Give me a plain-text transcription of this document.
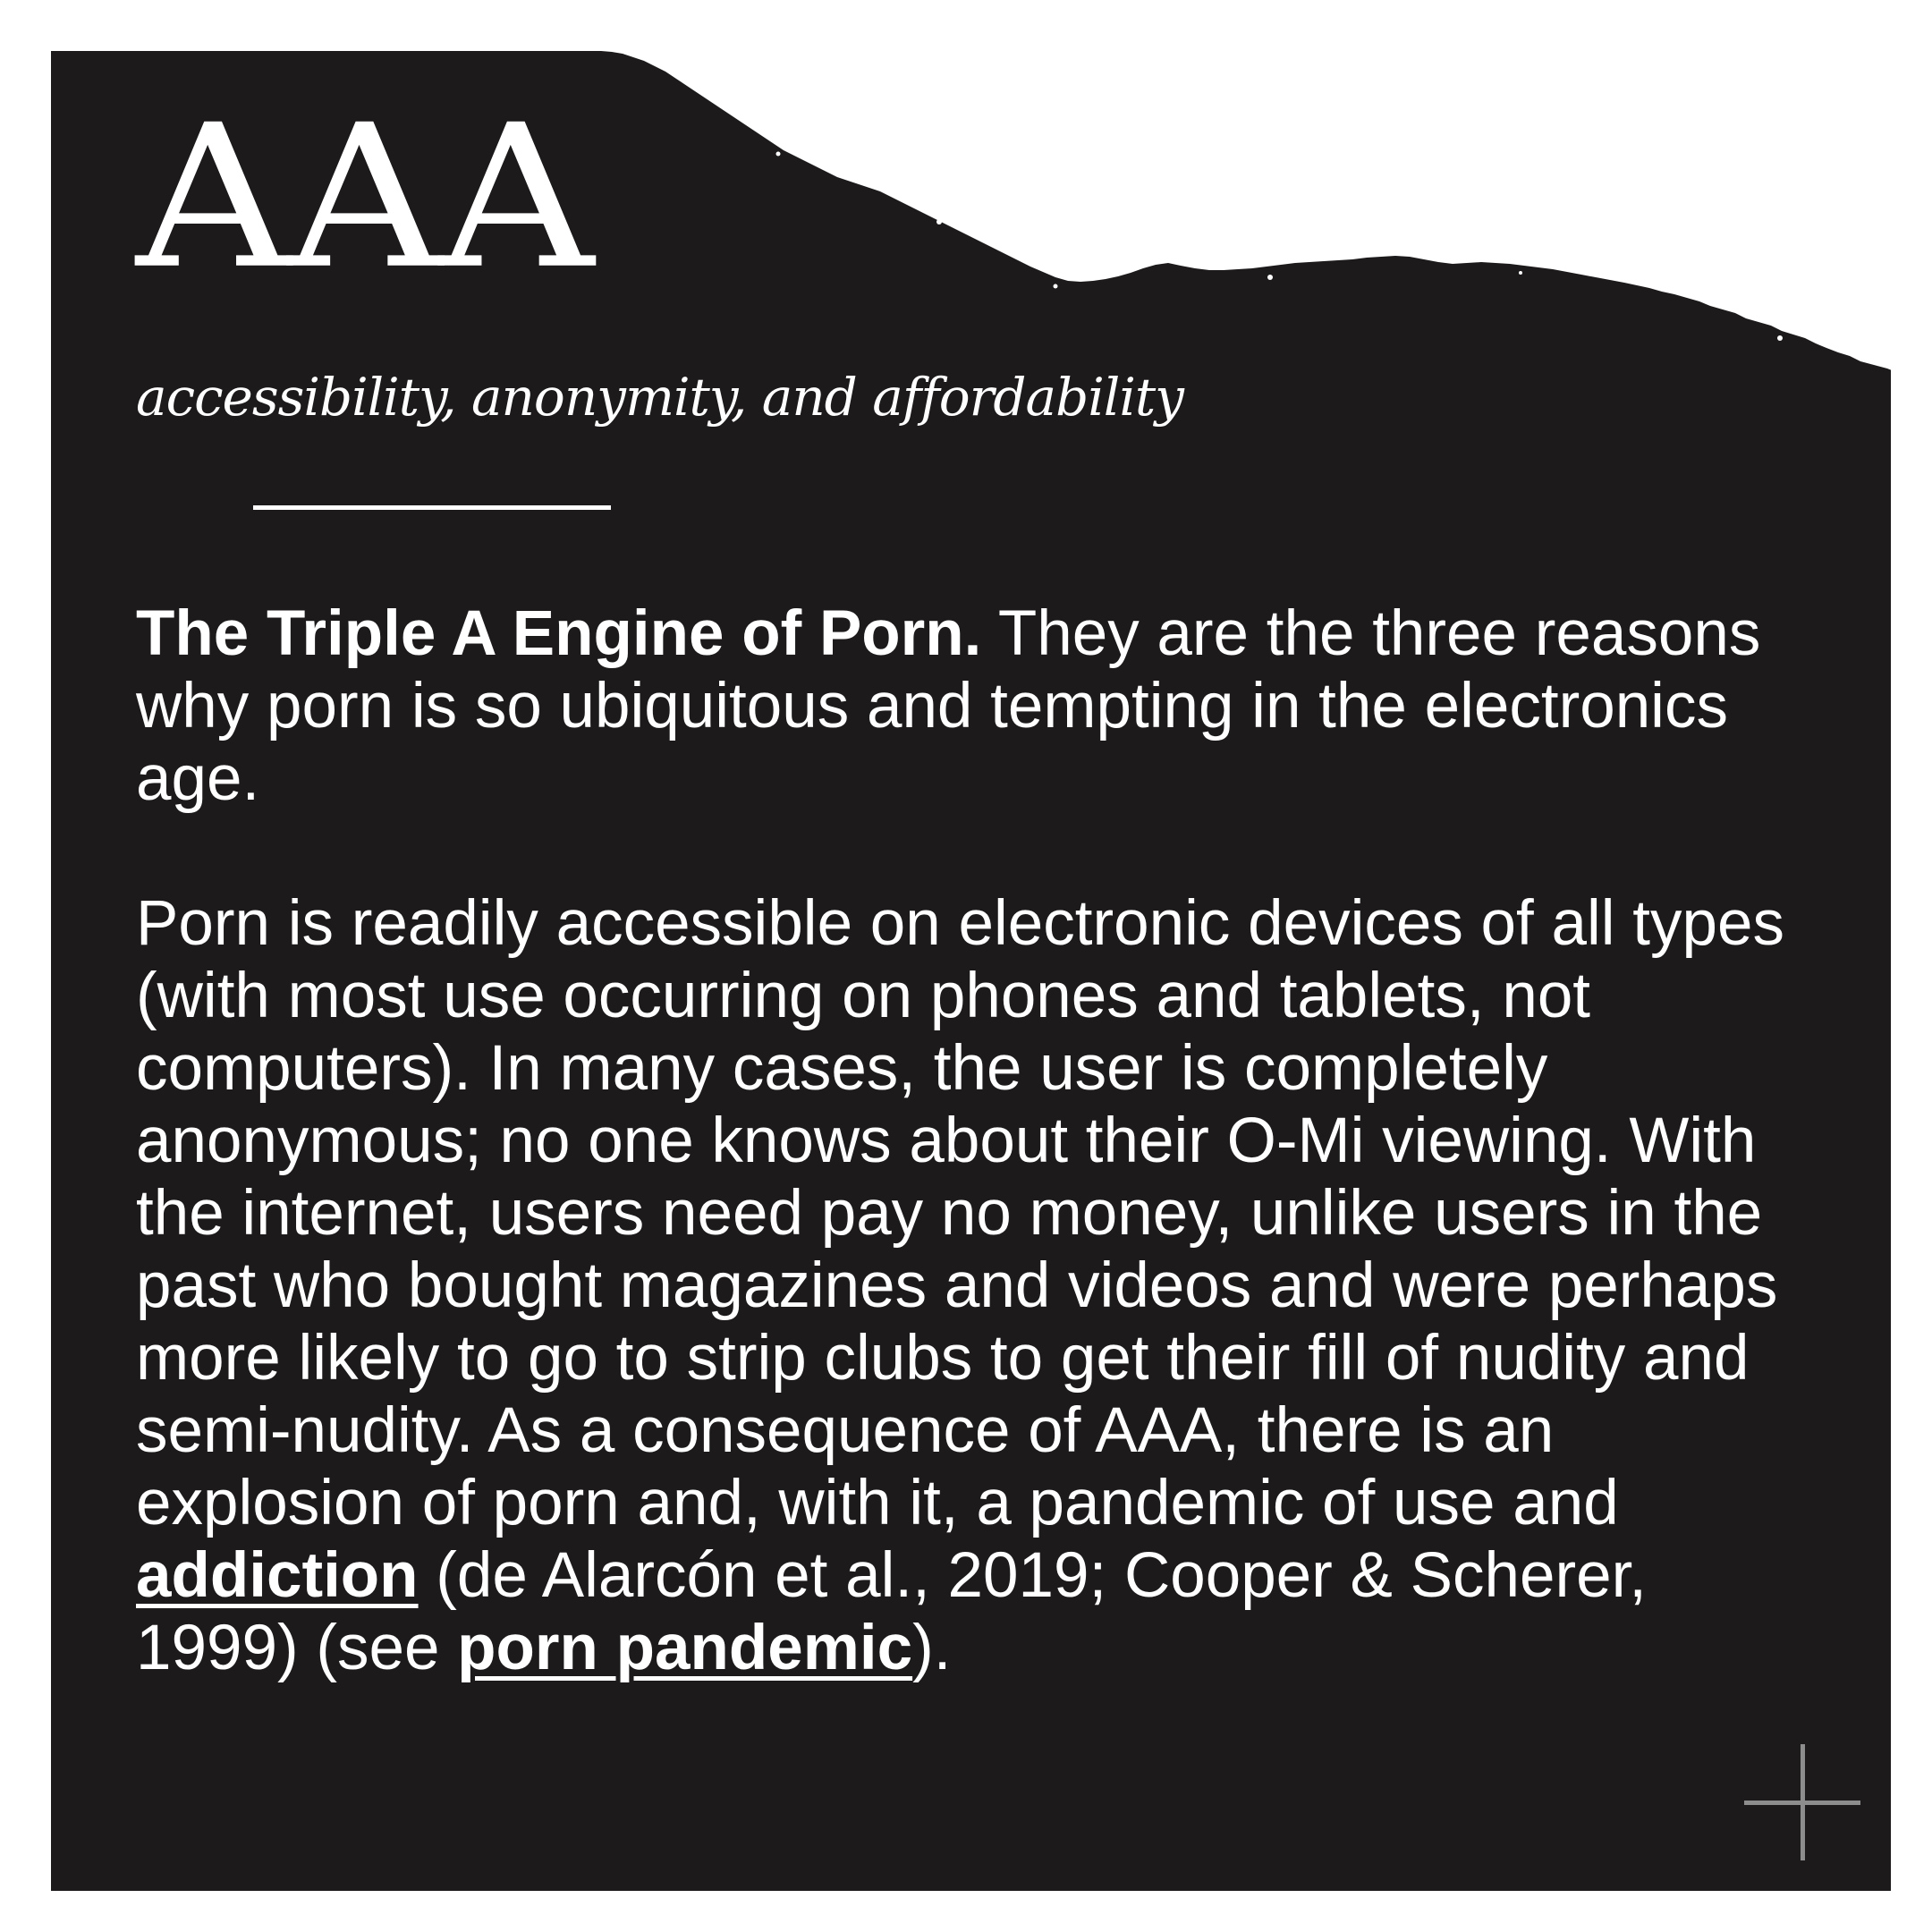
AAA
accessibility, anonymity, and affordability

The Triple A Engine of Porn. They are the three reasons why porn is so ubiquitous and tempting in the electronics age.

Porn is readily accessible on electronic devices of all types (with most use occurring on phones and tablets, not computers). In many cases, the user is completely anonymous; no one knows about their O-Mi viewing. With the internet, users need pay no money, unlike users in the past who bought magazines and videos and were perhaps more likely to go to strip clubs to get their fill of nudity and semi-nudity. As a consequence of AAA, there is an explosion of porn and, with it, a pandemic of use and addiction (de Alarcón et al., 2019; Cooper & Scherer, 1999) (see porn pandemic).
